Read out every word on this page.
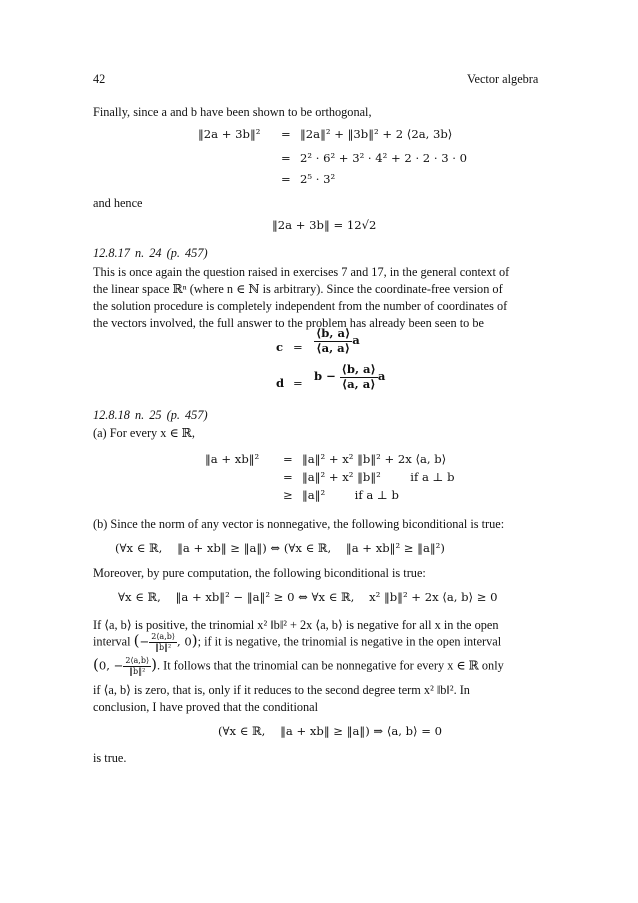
42	Vector algebra
Finally, since a and b have been shown to be orthogonal,
‖2a + 3b‖² = ‖2a‖² + ‖3b‖² + 2 ⟨2a, 3b⟩
= 2² · 6² + 3² · 4² + 2 · 2 · 3 · 0
= 2⁵ · 3²
and hence
‖2a + 3b‖ = 12√2
12.8.17 n. 24 (p. 457)
This is once again the question raised in exercises 7 and 17, in the general context of
the linear space ℝⁿ (where n ∈ ℕ is arbitrary). Since the coordinate-free version of
the solution procedure is completely independent from the number of coordinates of
the vectors involved, the full answer to the problem has already been seen to be
$c = \frac{⟨b, a⟩}{⟨a, a⟩}$ a
$d = b - \frac{⟨b, a⟩}{⟨a, a⟩}$ a
12.8.18 n. 25 (p. 457)
(a) For every x ∈ ℝ,
‖a + xb‖² = ‖a‖² + x² ‖b‖² + 2x ⟨a, b⟩
= ‖a‖² + x² ‖b‖²        if a ⊥ b
≥ ‖a‖²        if a ⊥ b
(b) Since the norm of any vector is nonnegative, the following biconditional is true:
(∀x ∈ ℝ,    ‖a + xb‖ ≥ ‖a‖) ⇔ (∀x ∈ ℝ,    ‖a + xb‖² ≥ ‖a‖²)
Moreover, by pure computation, the following biconditional is true:
∀x ∈ ℝ,    ‖a + xb‖² − ‖a‖² ≥ 0 ⇔ ∀x ∈ ℝ,    x² ‖b‖² + 2x ⟨a, b⟩ ≥ 0
If ⟨a, b⟩ is positive, the trinomial x² ‖b‖² + 2x ⟨a, b⟩ is negative for all x in the open
interval (− $\frac{2⟨a,b⟩}{\text{‖b‖²}}$ , 0); if it is negative, the trinomial is negative in the open interval
(0, − $\frac{2⟨a,b⟩}{\text{‖b‖²}}$ ). It follows that the trinomial can be nonnegative for every x ∈ ℝ only
if ⟨a, b⟩ is zero, that is, only if it reduces to the second degree term x² ‖b‖². In
conclusion, I have proved that the conditional
(∀x ∈ ℝ,    ‖a + xb‖ ≥ ‖a‖) ⇒ ⟨a, b⟩ = 0
is true.
